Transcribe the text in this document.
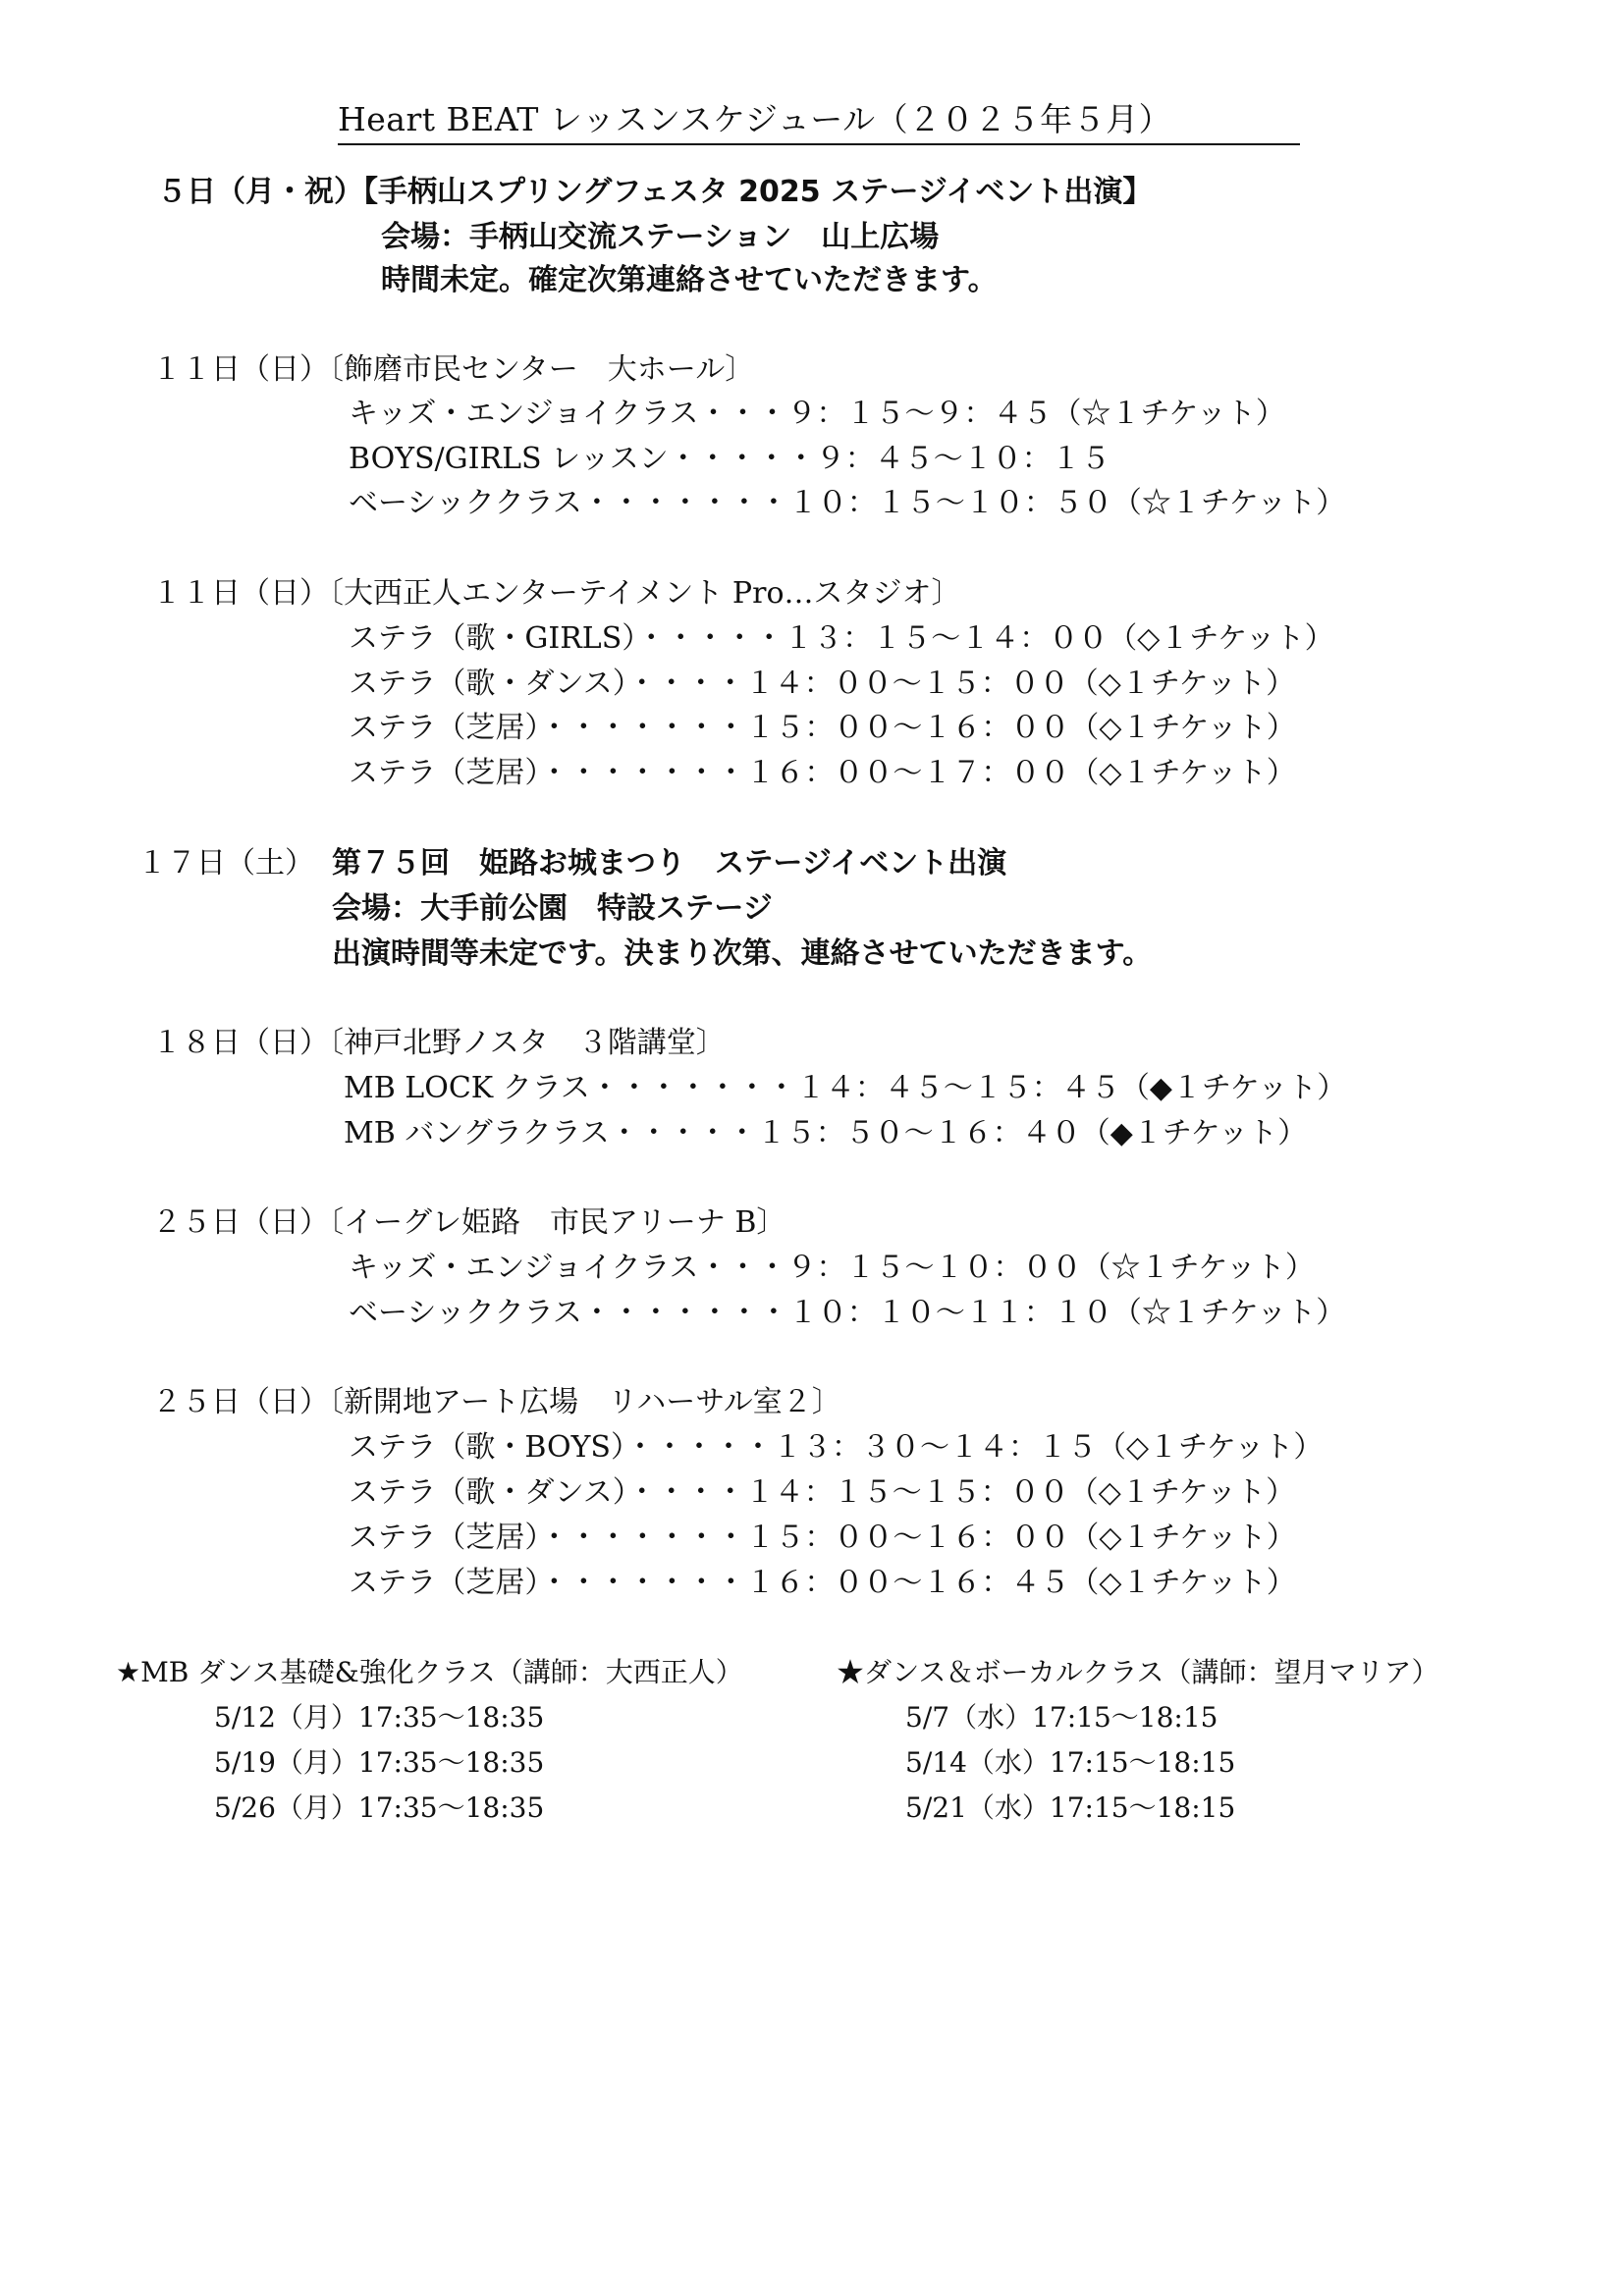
Heart BEAT レッスンスケジュール（２０２５年５月）
５日（月・祝）【手柄山スプリングフェスタ 2025 ステージイベント出演】
会場：手柄山交流ステーション　山上広場
時間未定。確定次第連絡させていただきます。
１１日（日）〔飾磨市民センター　大ホール〕
キッズ・エンジョイクラス・・・９：１５〜９：４５（☆１チケット）
BOYS/GIRLS レッスン・・・・・９：４５〜１０：１５
ベーシッククラス・・・・・・・１０：１５〜１０：５０（☆１チケット）
１１日（日）〔大西正人エンターテイメント Pro…スタジオ〕
ステラ（歌・GIRLS）・・・・・１３：１５〜１４：００（◇１チケット）
ステラ（歌・ダンス）・・・・１４：００〜１５：００（◇１チケット）
ステラ（芝居）・・・・・・・１５：００〜１６：００（◇１チケット）
ステラ（芝居）・・・・・・・１６：００〜１７：００（◇１チケット）
１７日（土） 第７５回　姫路お城まつり　ステージイベント出演
会場：大手前公園　特設ステージ
出演時間等未定です。決まり次第、連絡させていただきます。
１８日（日）〔神戸北野ノスタ　３階講堂〕
MB LOCK クラス・・・・・・・１４：４５〜１５：４５（◆１チケット）
MB バングラクラス・・・・・１５：５０〜１６：４０（◆１チケット）
２５日（日）〔イーグレ姫路　市民アリーナ B〕
キッズ・エンジョイクラス・・・９：１５〜１０：００（☆１チケット）
ベーシッククラス・・・・・・・１０：１０〜１１：１０（☆１チケット）
２５日（日）〔新開地アート広場　リハーサル室２〕
ステラ（歌・BOYS）・・・・・１３：３０〜１４：１５（◇１チケット）
ステラ（歌・ダンス）・・・・１４：１５〜１５：００（◇１チケット）
ステラ（芝居）・・・・・・・１５：００〜１６：００（◇１チケット）
ステラ（芝居）・・・・・・・１６：００〜１６：４５（◇１チケット）
★MB ダンス基礎&強化クラス（講師：大西正人）
5/12（月）17:35〜18:35
5/19（月）17:35〜18:35
5/26（月）17:35〜18:35
★ダンス＆ボーカルクラス（講師：望月マリア）
5/7（水）17:15〜18:15
5/14（水）17:15〜18:15
5/21（水）17:15〜18:15
